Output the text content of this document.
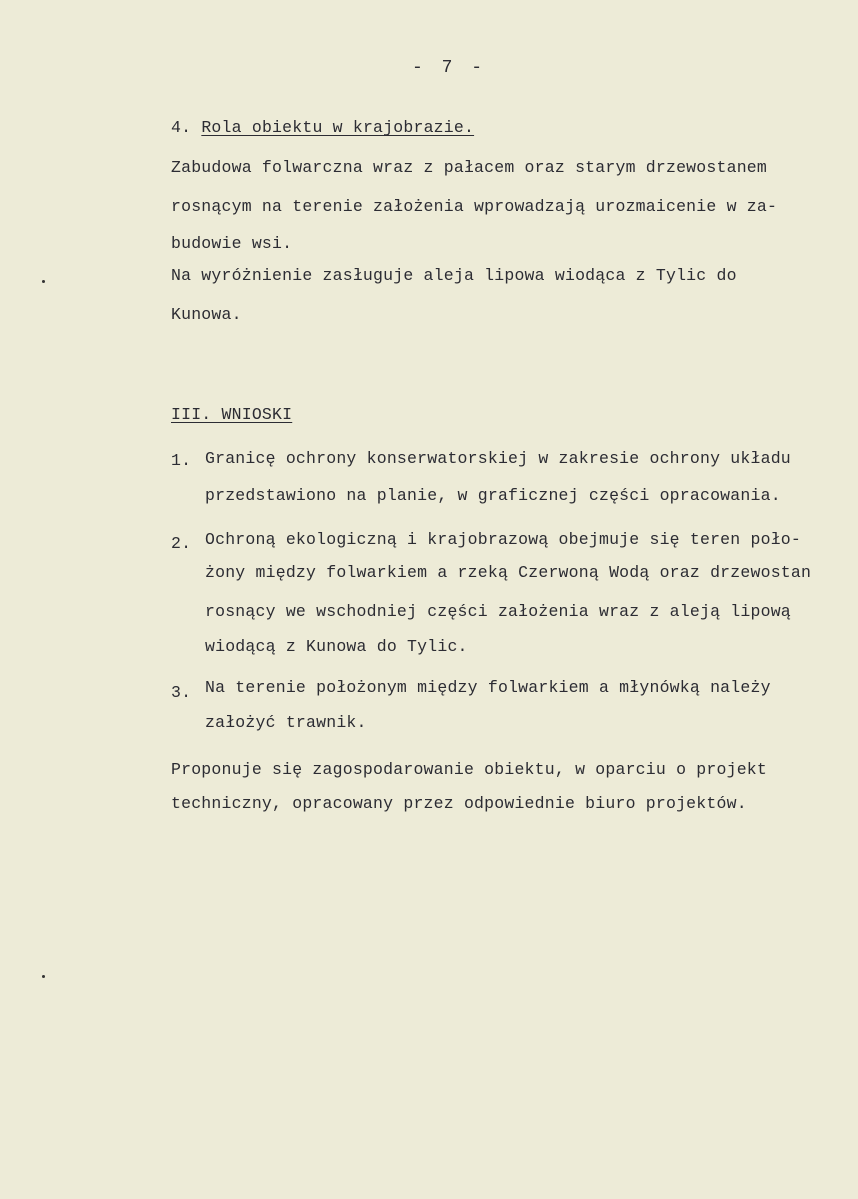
- 7 -
4. Rola obiektu w krajobrazie.
Zabudowa folwarczna wraz z pałacem oraz starym drzewostanem
rosnącym na terenie założenia wprowadzają urozmaicenie w za-
budowie wsi.
Na wyróżnienie zasługuje aleja lipowa wiodąca z Tylic do
Kunowa.
III. WNIOSKI
1. Granicę ochrony konserwatorskiej w zakresie ochrony układu
przedstawiono na planie, w graficznej części opracowania.
2. Ochroną ekologiczną i krajobrazową obejmuje się teren poło-
żony między folwarkiem a rzeką Czerwoną Wodą oraz drzewostan
rosnący we wschodniej części założenia wraz z aleją lipową
wiodącą z Kunowa do Tylic.
3. Na terenie położonym między folwarkiem a młynówką należy
założyć trawnik.
Proponuje się zagospodarowanie obiektu, w oparciu o projekt
techniczny, opracowany przez odpowiednie biuro projektów.
